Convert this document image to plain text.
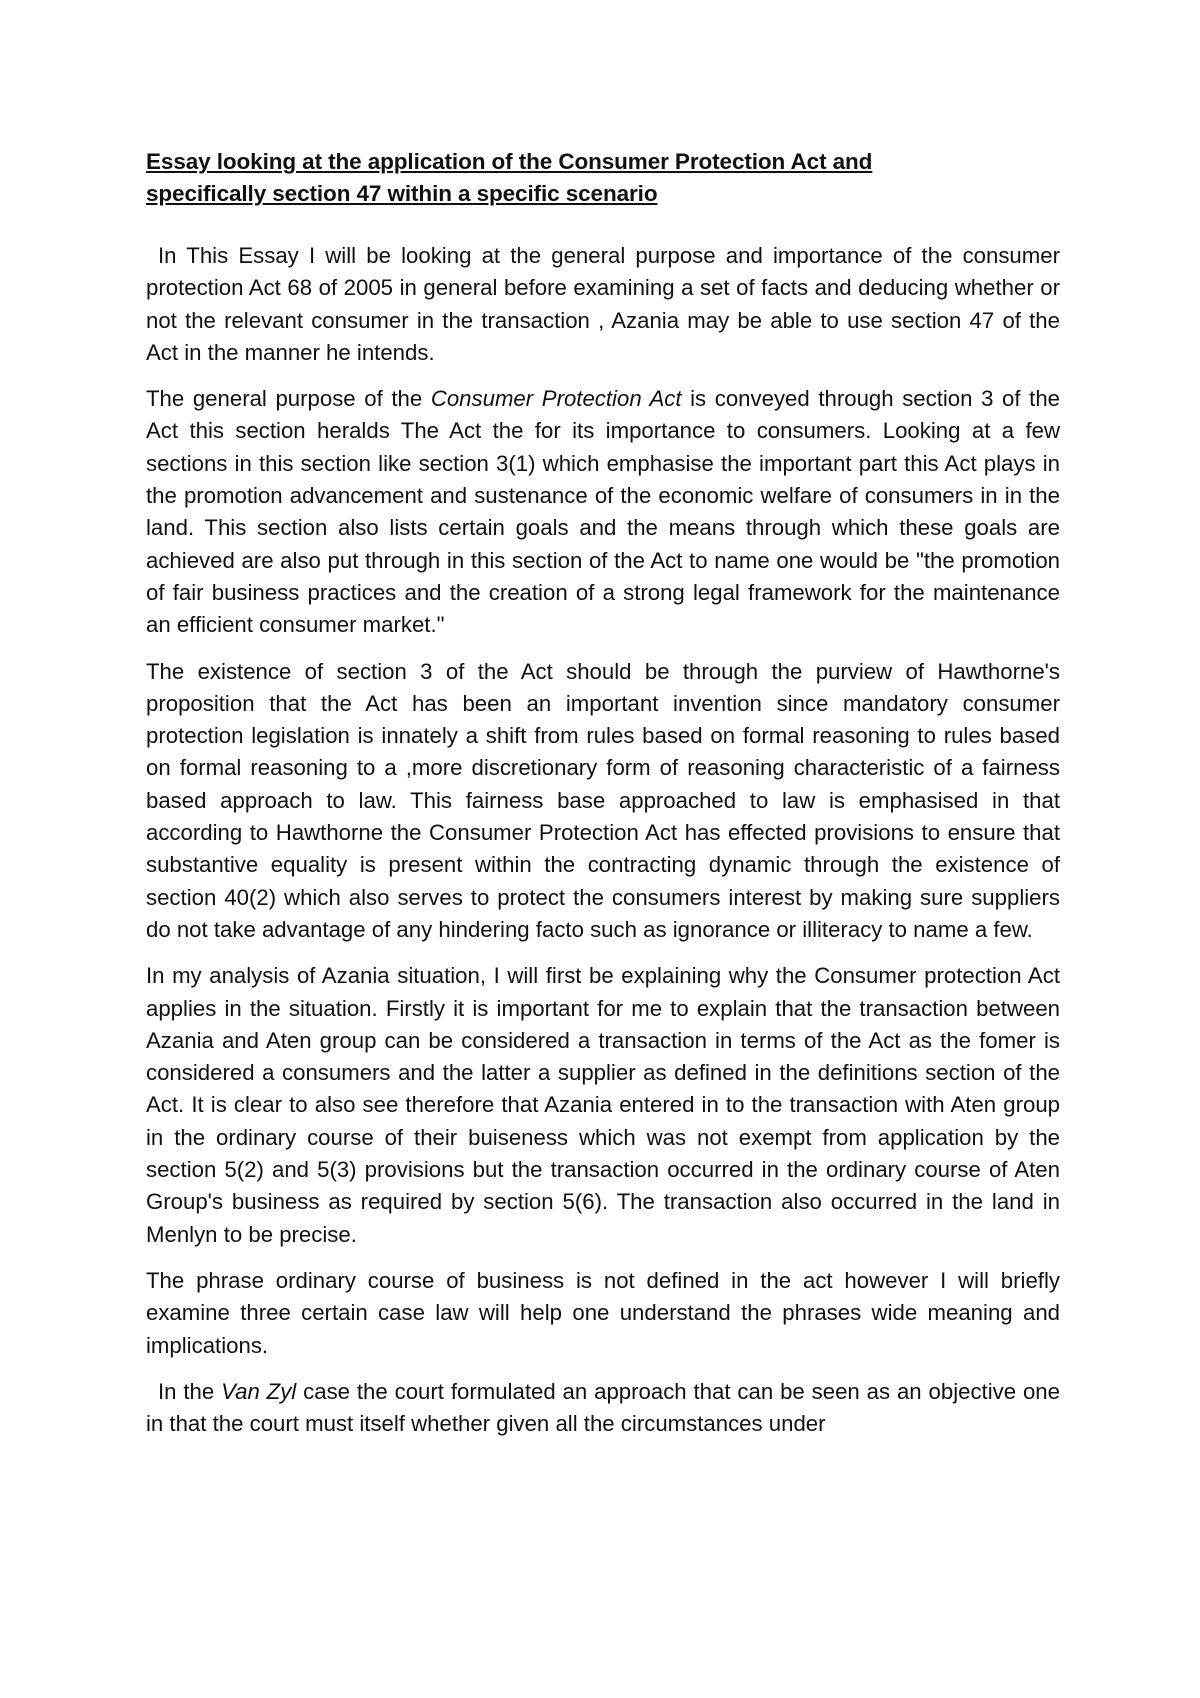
Essay looking at the application of the Consumer Protection Act and
specifically section 47 within a specific scenario

In This Essay I will be looking at the general purpose and importance of the consumer protection Act 68 of 2005 in general before examining a set of facts and deducing whether or not the relevant consumer in the transaction , Azania may be able to use section 47 of the Act in the manner he intends.

The general purpose of the Consumer Protection Act is conveyed through section 3 of the Act this section heralds The Act the for its importance to consumers. Looking at a few sections in this section like section 3(1) which emphasise the important part this Act plays in the promotion advancement and sustenance of the economic welfare of consumers in in the land. This section also lists certain goals and the means through which these goals are achieved are also put through in this section of the Act to name one would be "the promotion of fair business practices and the creation of a strong legal framework for the maintenance an efficient consumer market."

The existence of section 3 of the Act should be through the purview of Hawthorne's proposition that the Act has been an important invention since mandatory consumer protection legislation is innately a shift from rules based on formal reasoning to rules based on formal reasoning to a ,more discretionary form of reasoning characteristic of a fairness based approach to law. This fairness base approached to law is emphasised in that according to Hawthorne the Consumer Protection Act has effected provisions to ensure that substantive equality is present within the contracting dynamic through the existence of section 40(2) which also serves to protect the consumers interest by making sure suppliers do not take advantage of any hindering facto such as ignorance or illiteracy to name a few.

In my analysis of Azania situation, I will first be explaining why the Consumer protection Act applies in the situation. Firstly it is important for me to explain that the transaction between Azania and Aten group can be considered a transaction in terms of the Act as the fomer is considered a consumers and the latter a supplier as defined in the definitions section of the Act. It is clear to also see therefore that Azania entered in to the transaction with Aten group in the ordinary course of their buiseness which was not exempt from application by the section 5(2) and 5(3) provisions but the transaction occurred in the ordinary course of Aten Group's business as required by section 5(6). The transaction also occurred in the land in Menlyn to be precise.

The phrase ordinary course of business is not defined in the act however I will briefly examine three certain case law will help one understand the phrases wide meaning and implications.

In the Van Zyl case the court formulated an approach that can be seen as an objective one in that the court must itself whether given all the circumstances under
